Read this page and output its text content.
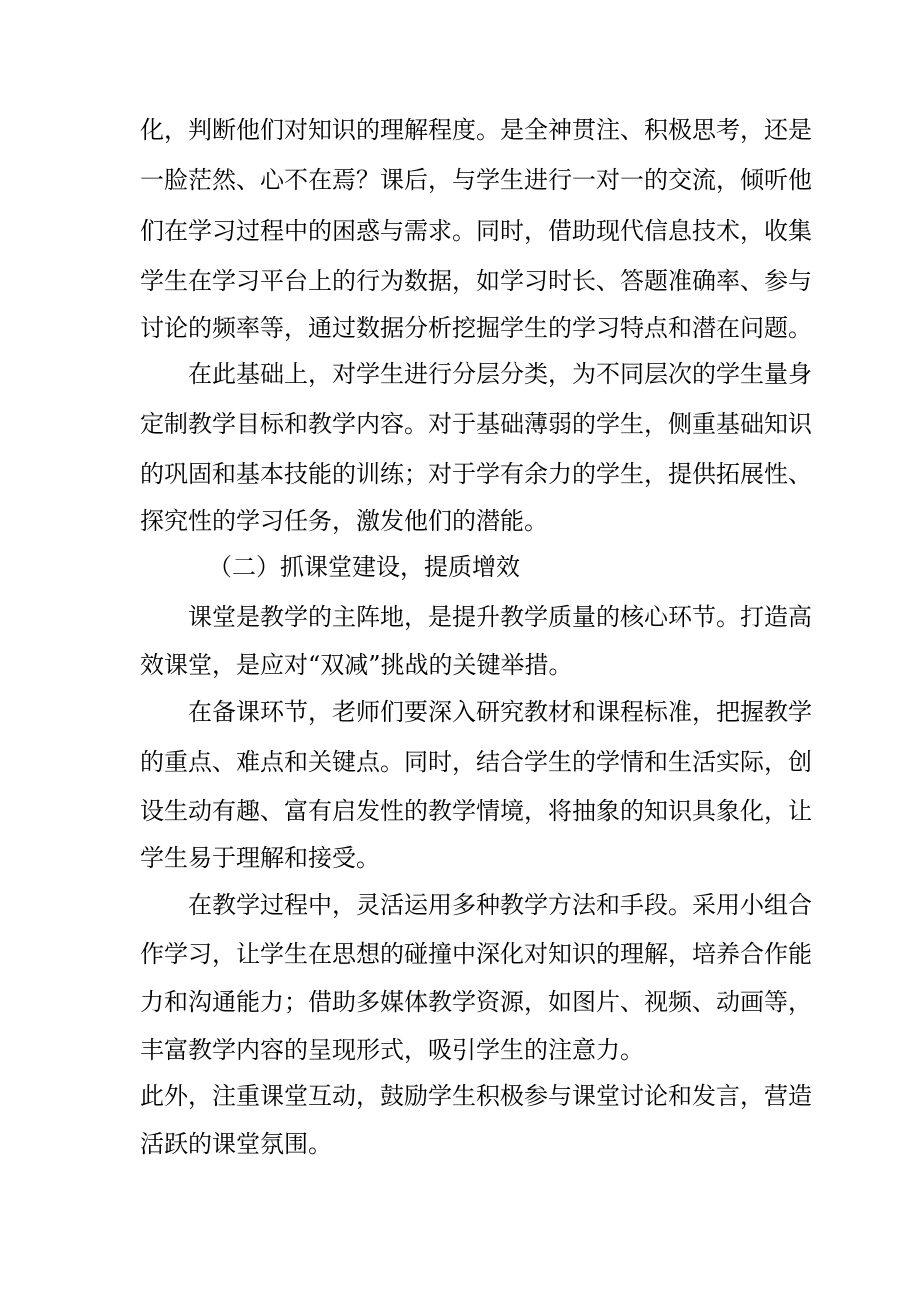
化，判断他们对知识的理解程度。是全神贯注、积极思考，还是
一脸茫然、心不在焉？课后，与学生进行一对一的交流，倾听他
们在学习过程中的困惑与需求。同时，借助现代信息技术，收集
学生在学习平台上的行为数据，如学习时长、答题准确率、参与
讨论的频率等，通过数据分析挖掘学生的学习特点和潜在问题。
在此基础上，对学生进行分层分类，为不同层次的学生量身
定制教学目标和教学内容。对于基础薄弱的学生，侧重基础知识
的巩固和基本技能的训练；对于学有余力的学生，提供拓展性、
探究性的学习任务，激发他们的潜能。
（二）抓课堂建设，提质增效
课堂是教学的主阵地，是提升教学质量的核心环节。打造高
效课堂，是应对“双减”挑战的关键举措。
在备课环节，老师们要深入研究教材和课程标准，把握教学
的重点、难点和关键点。同时，结合学生的学情和生活实际，创
设生动有趣、富有启发性的教学情境，将抽象的知识具象化，让
学生易于理解和接受。
在教学过程中，灵活运用多种教学方法和手段。采用小组合
作学习，让学生在思想的碰撞中深化对知识的理解，培养合作能
力和沟通能力；借助多媒体教学资源，如图片、视频、动画等，
丰富教学内容的呈现形式，吸引学生的注意力。
此外，注重课堂互动，鼓励学生积极参与课堂讨论和发言，营造
活跃的课堂氛围。
